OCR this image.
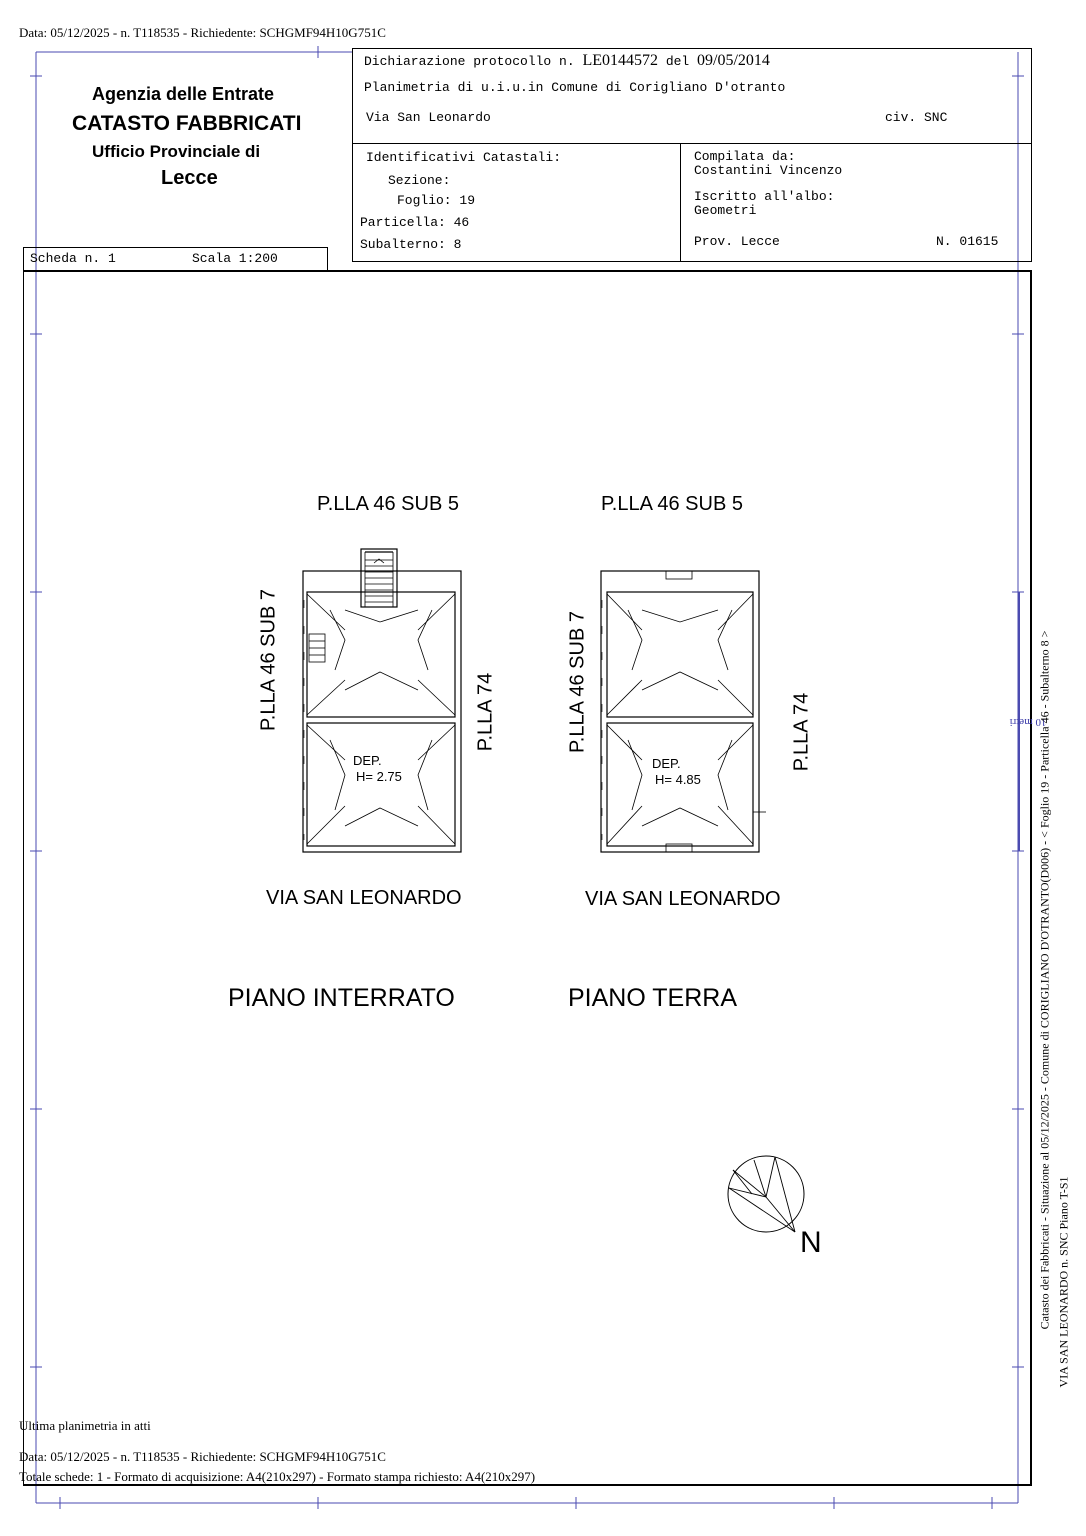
Data: 05/12/2025 - n. T118535 - Richiedente: SCHGMF94H10G751C
Agenzia delle Entrate
CATASTO FABBRICATI
Ufficio Provinciale di
Lecce
Dichiarazione protocollo n. LE0144572 del 09/05/2014
Planimetria di u.i.u.in Comune di Corigliano D'otranto
Via San Leonardo	civ. SNC
Identificativi Catastali:
Sezione:
Foglio: 19
Particella: 46
Subalterno: 8
Compilata da:
Costantini Vincenzo
Iscritto all'albo:
Geometri
Prov. Lecce	N. 01615
Scheda n. 1	Scala 1:200
P.LLA 46 SUB 5
P.LLA 46 SUB 7	P.LLA 74
DEP.
H= 2.75
VIA SAN LEONARDO
PIANO INTERRATO
P.LLA 46 SUB 5
P.LLA 46 SUB 7	P.LLA 74
DEP.
H= 4.85
VIA SAN LEONARDO
PIANO TERRA
N
10 metri
Catasto dei Fabbricati - Situazione al 05/12/2025 - Comune di CORIGLIANO D'OTRANTO(D006) - < Foglio 19 - Particella 46 - Subalterno 8 > VIA SAN LEONARDO n. SNC Piano T-S1
Ultima planimetria in atti
Data: 05/12/2025 - n. T118535 - Richiedente: SCHGMF94H10G751C
Totale schede: 1 - Formato di acquisizione: A4(210x297) - Formato stampa richiesto: A4(210x297)
